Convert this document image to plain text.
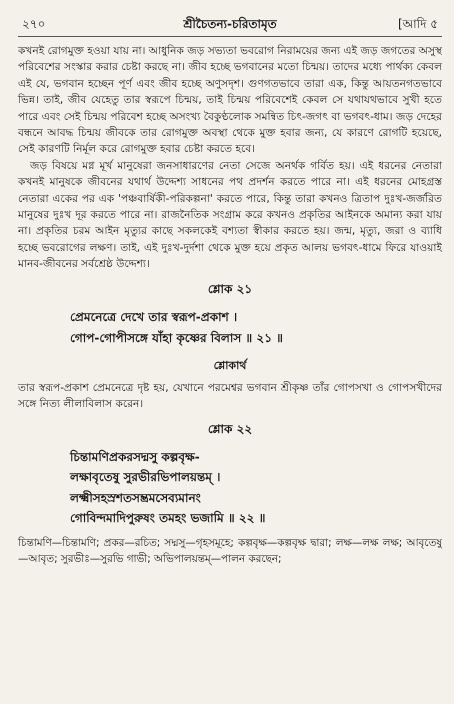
২৭০	শ্রীচৈতন্য-চরিতামৃত	[আদি ৫

কখনই রোগমুক্ত হওয়া যায় না। আধুনিক জড় সভ্যতা ভবরোগ নিরাময়ের জন্য এই জড় জগতের অসুস্থ পরিবেশের সংস্কার করার চেষ্টা করছে না। জীব হচ্ছে ভগবানের মতো চিন্ময়। তাদের মধ্যে পার্থক্য কেবল এই যে, ভগবান হচ্ছেন পূর্ণ এবং জীব হচ্ছে অণুসদৃশ। গুণগতভাবে তারা এক, কিন্তু আয়তনগতভাবে ভিন্ন। তাই, জীব যেহেতু তার স্বরূপে চিন্ময়, তাই চিন্ময় পরিবেশেই কেবল সে যথাযথভাবে সুখী হতে পারে এবং সেই চিন্ময় পরিবেশ হচ্ছে অসংখ্য বৈকুণ্ঠলোক সমন্বিত চিৎ-জগৎ বা ভগবৎ-ধাম। জড় দেহের বন্ধনে আবদ্ধ চিন্ময় জীবকে তার রোগমুক্ত অবস্থা থেকে মুক্ত হবার জন্য, যে কারণে রোগটি হয়েছে, সেই কারণটি নির্মূল করে রোগমুক্ত হবার চেষ্টা করতে হবে।

জড় বিষয়ে মগ্ন মূর্খ মানুষেরা জনসাধারণের নেতা সেজে অনর্থক গর্বিত হয়। এই ধরনের নেতারা কখনই মানুষকে জীবনের যথার্থ উদ্দেশ্য সাধনের পথ প্রদর্শন করতে পারে না। এই ধরনের মোহগ্রস্ত নেতারা একের পর এক 'পঞ্চবার্ষিকী-পরিকল্পনা' করতে পারে, কিন্তু তারা কখনও ত্রিতাপ দুঃখ-জর্জরিত মানুষের দুঃখ দূর করতে পারে না। রাজনৈতিক সংগ্রাম করে কখনও প্রকৃতির আইনকে অমান্য করা যায় না। প্রকৃতির চরম আইন মৃত্যুর কাছে সকলকেই বশ্যতা স্বীকার করতে হয়। জন্ম, মৃত্যু, জরা ও ব্যাধি হচ্ছে ভবরোগের লক্ষণ। তাই, এই দুঃখ-দুর্দশা থেকে মুক্ত হয়ে প্রকৃত আলয় ভগবৎ-ধামে ফিরে যাওয়াই মানব-জীবনের সর্বশ্রেষ্ঠ উদ্দেশ্য।

শ্লোক ২১
প্রেমনেত্রে দেখে তার স্বরূপ-প্রকাশ ।
গোপ-গোপীসঙ্গে যাঁহা কৃষ্ণের বিলাস ॥ ২১ ॥
শ্লোকার্থ

তার স্বরূপ-প্রকাশ প্রেমনেত্রে দৃষ্ট হয়, যেখানে পরমেশ্বর ভগবান শ্রীকৃষ্ণ তাঁর গোপসখা ও গোপসখীদের সঙ্গে নিত্য লীলাবিলাস করেন।

শ্লোক ২২
চিন্তামণিপ্রকরসদ্মসু কল্পবৃক্ষ-
লক্ষাবৃতেষু সুরভীরভিপালয়ন্তম্ ।
লক্ষ্মীসহস্রশতসম্ভ্রমসেব্যমানং
গোবিন্দমাদিপুরুষং তমহং ভজামি ॥ ২২ ॥

চিন্তামণি—চিন্তামণি; প্রকর—রচিত; সদ্মসু—গৃহসমূহে; কল্পবৃক্ষ—কল্পবৃক্ষ দ্বারা; লক্ষ—লক্ষ লক্ষ; আবৃতেষু—আবৃত; সুরভীঃ—সুরভি গাভী; অভিপালয়ন্তম্—পালন করছেন;
